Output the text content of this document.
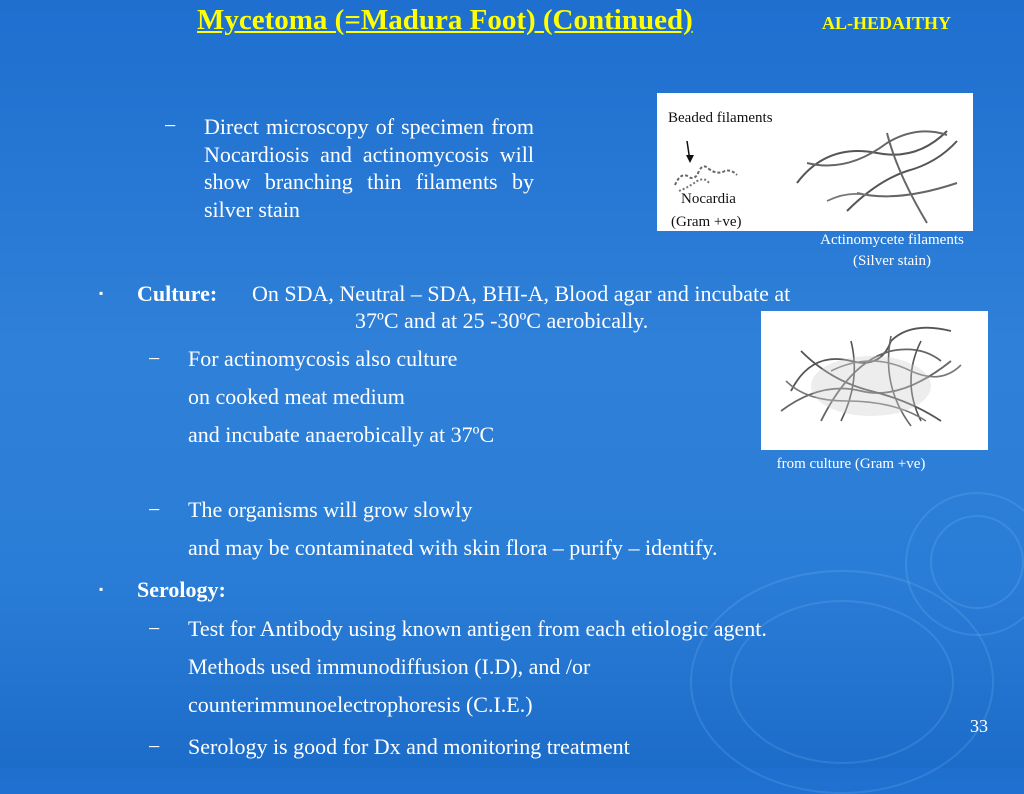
Mycetoma (=Madura Foot) (Continued)	AL-HEDAITHY
− Direct microscopy of specimen from Nocardiosis and actinomycosis will show branching thin filaments by silver stain
Beaded filaments
Nocardia
(Gram +ve)
Actinomycete filaments
(Silver stain)
▪ Culture: On SDA, Neutral – SDA, BHI-A, Blood agar and incubate at
37ºC and at 25 -30ºC aerobically.
Actinomycete filaments
from culture (Gram +ve)
− For actinomycosis also culture
on cooked meat medium
and incubate anaerobically at 37ºC
− The organisms will grow slowly
and may be contaminated with skin flora – purify – identify.
▪ Serology:
− Test for Antibody using known antigen from each etiologic agent.
Methods used immunodiffusion (I.D), and /or
counterimmunoelectrophoresis (C.I.E.)
− Serology is good for Dx and monitoring treatment
33
